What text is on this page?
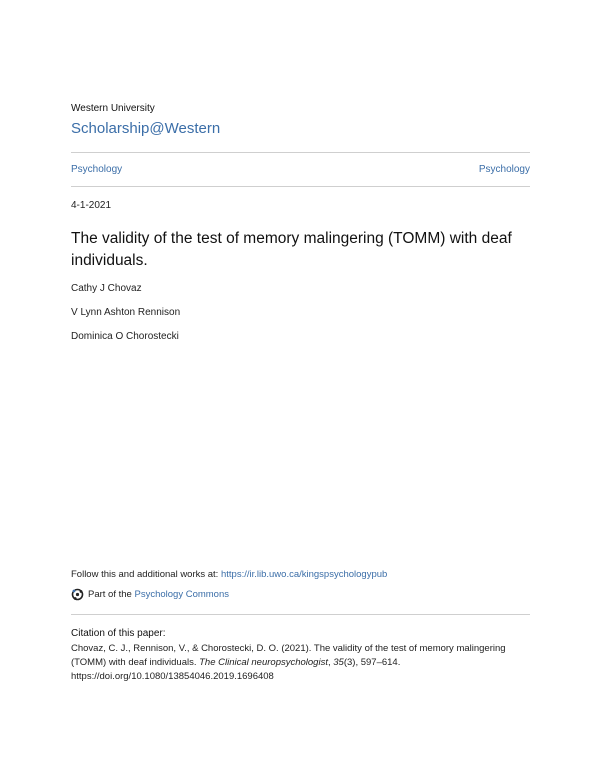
Western University
Scholarship@Western
Psychology	Psychology
4-1-2021
The validity of the test of memory malingering (TOMM) with deaf individuals.
Cathy J Chovaz
V Lynn Ashton Rennison
Dominica O Chorostecki
Follow this and additional works at: https://ir.lib.uwo.ca/kingspsychologypub
Part of the
Psychology Commons
Citation of this paper:
Chovaz, C. J., Rennison, V., & Chorostecki, D. O. (2021). The validity of the test of memory malingering (TOMM) with deaf individuals. The Clinical neuropsychologist, 35(3), 597–614. https://doi.org/10.1080/13854046.2019.1696408
